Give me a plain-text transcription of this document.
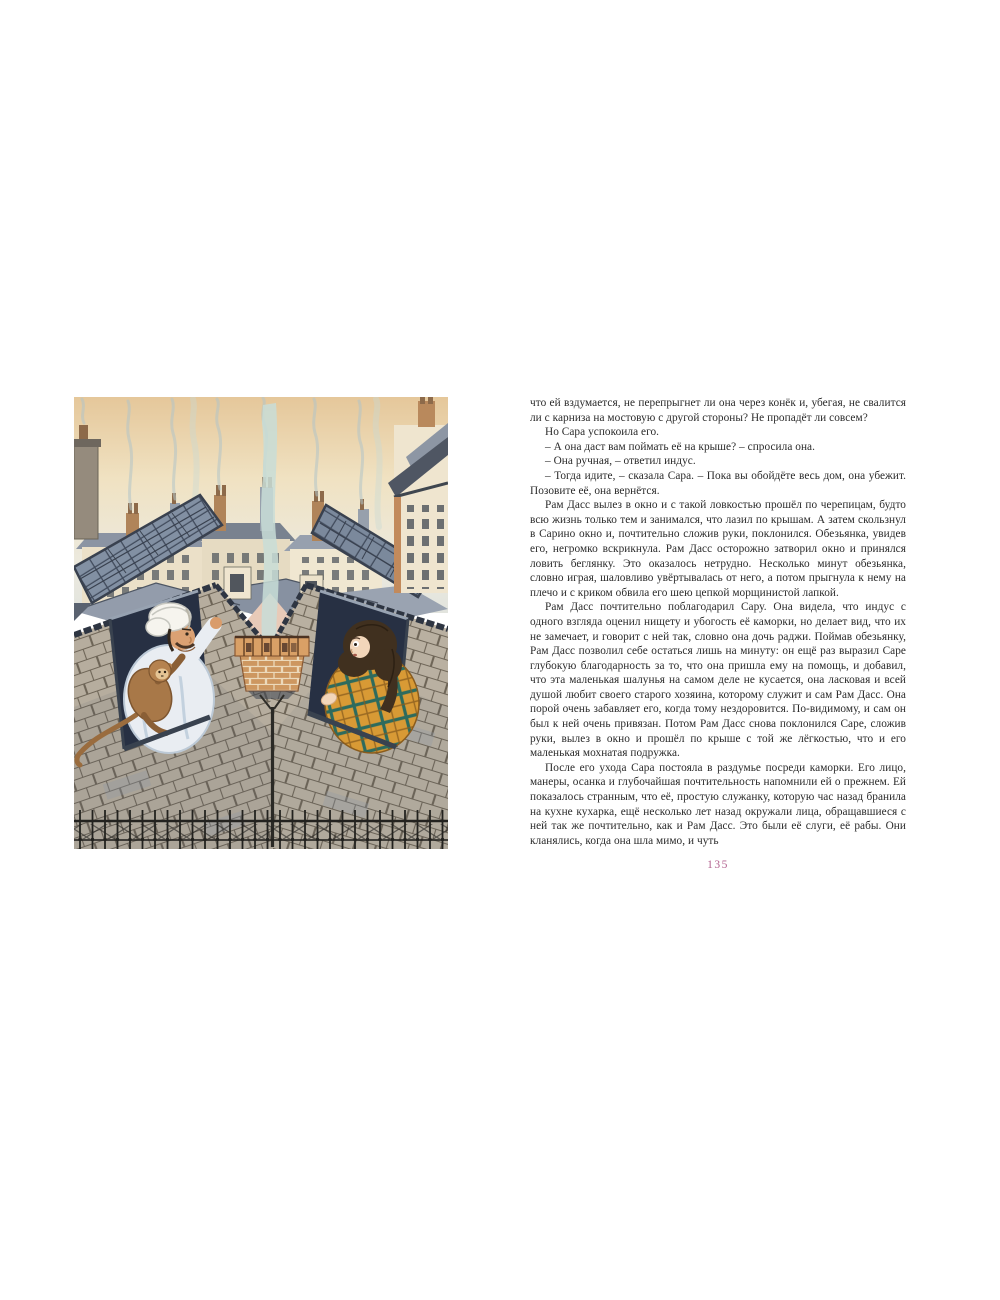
что ей вздумается, не перепрыгнет ли она через конёк и, убегая, не свалится ли с карниза на мостовую с другой стороны? Не пропадёт ли совсем?

Но Сара успокоила его.

– А она даст вам поймать её на крыше? – спросила она.

– Она ручная, – ответил индус.

– Тогда идите, – сказала Сара. – Пока вы обойдёте весь дом, она убежит. Позовите её, она вернётся.

Рам Дасс вылез в окно и с такой ловкостью прошёл по черепицам, будто всю жизнь только тем и занимался, что лазил по крышам. А затем скользнул в Сарино окно и, почтительно сложив руки, поклонился. Обезьянка, увидев его, негромко вскрикнула. Рам Дасс осторожно затворил окно и принялся ловить беглянку. Это оказалось нетрудно. Несколько минут обезьянка, словно играя, шаловливо увёртывалась от него, а потом прыгнула к нему на плечо и с криком обвила его шею цепкой морщинистой лапкой.

Рам Дасс почтительно поблагодарил Сару. Она видела, что индус с одного взгляда оценил нищету и убогость её каморки, но делает вид, что их не замечает, и говорит с ней так, словно она дочь раджи. Поймав обезьянку, Рам Дасс позволил себе остаться лишь на минуту: он ещё раз выразил Саре глубокую благодарность за то, что она пришла ему на помощь, и добавил, что эта маленькая шалунья на самом деле не кусается, она ласковая и всей душой любит своего старого хозяина, которому служит и сам Рам Дасс. Она порой очень забавляет его, когда тому нездоровится. По-видимому, и сам он был к ней очень привязан. Потом Рам Дасс снова поклонился Саре, сложив руки, вылез в окно и прошёл по крыше с той же лёгкостью, что и его маленькая мохнатая подружка.

После его ухода Сара постояла в раздумье посреди каморки. Его лицо, манеры, осанка и глубочайшая почтительность напомнили ей о прежнем. Ей показалось странным, что её, простую служанку, которую час назад бранила на кухне кухарка, ещё несколько лет назад окружали лица, обращавшиеся с ней так же почтительно, как и Рам Дасс. Это были её слуги, её рабы. Они кланялись, когда она шла мимо, и чуть

135
